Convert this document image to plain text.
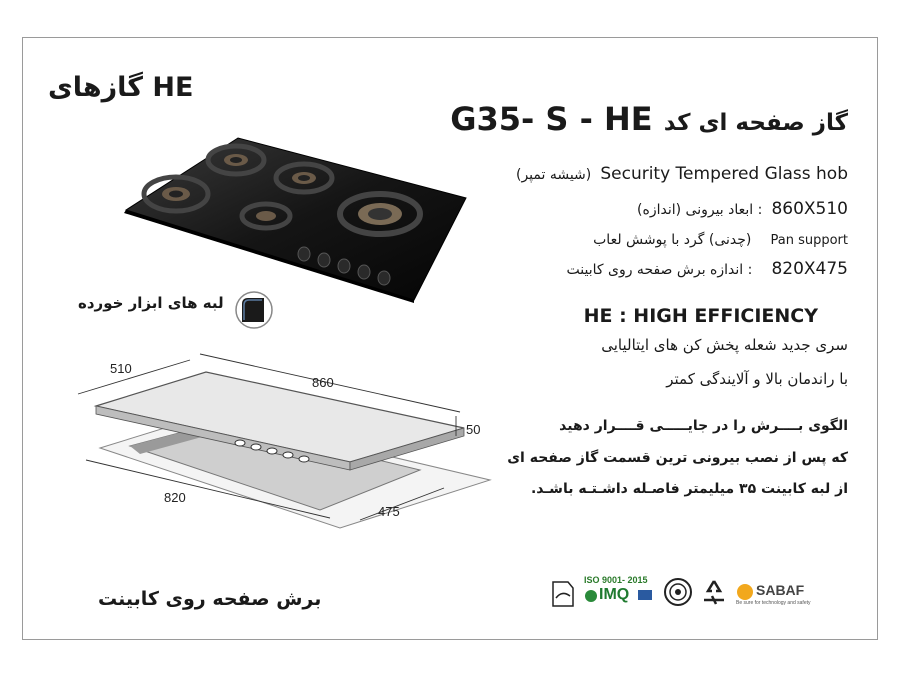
گازهای HE
G35- S - HE گاز صفحه ای کد
(شیشه تمپر) Security Tempered Glass hob
: ابعاد بیرونی (اندازه) 860X510
(چدنی) گرد با پوشش لعاب Pan support
: اندازه برش صفحه روی کابینت 820X475
HE : HIGH EFFICIENCY
سری جدید شعله پخش کن های ایتالیایی
با راندمان بالا و آلایندگی کمتر
الگوی بــــرش را در جایـــــی قــــرار دهید
که پس از نصب بیرونی ترین قسمت گاز صفحه ای
از لبه کابینت ۳۵ میلیمتر فاصـله داشـتـه باشـد.
لبه های ابزار خورده
510
860
50
820
475
برش صفحه روی کابینت
ISO 9001- 2015
IMQ	SABAF
Be sure for technology and safety
